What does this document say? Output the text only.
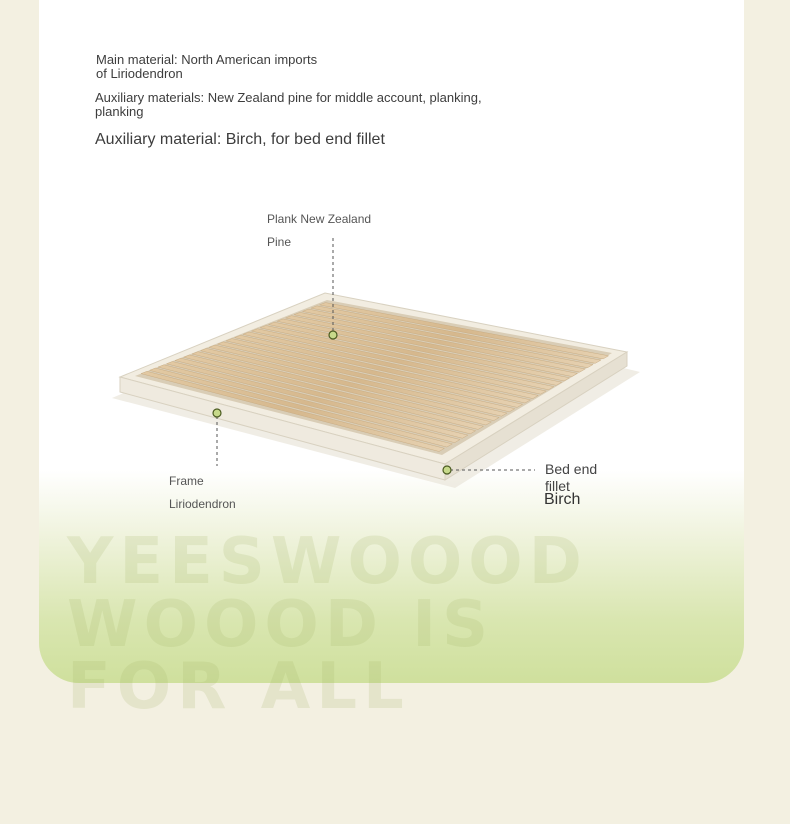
YEESWOOOD
WOOOD IS
FOR ALL

Main material: North American imports
of Liriodendron

Auxiliary materials: New Zealand pine for middle account, planking,
planking

Auxiliary material: Birch, for bed end fillet

Plank New Zealand
Pine
Frame
Liriodendron
Bed end
fillet
Birch
